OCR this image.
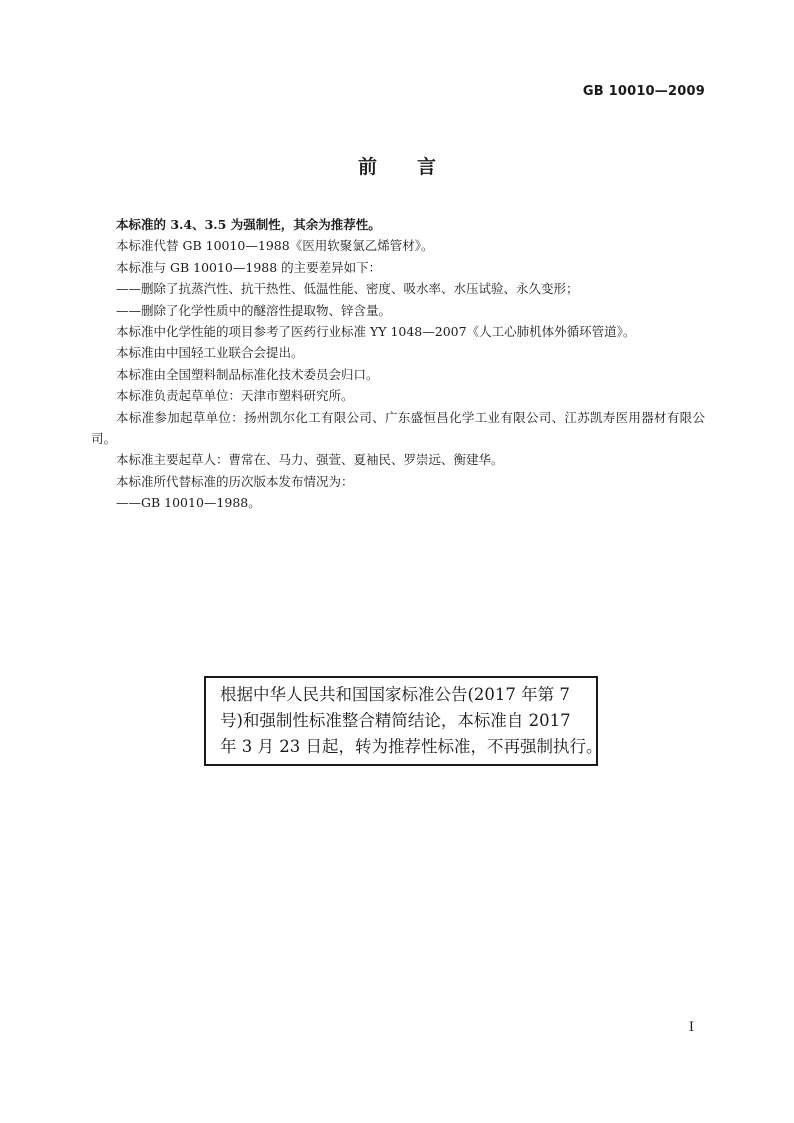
GB 10010—2009
前言

本标准的 3.4、3.5 为强制性，其余为推荐性。

本标准代替 GB 10010—1988《医用软聚氯乙烯管材》。

本标准与 GB 10010—1988 的主要差异如下：

——删除了抗蒸汽性、抗干热性、低温性能、密度、吸水率、水压试验、永久变形；

——删除了化学性质中的醚溶性提取物、锌含量。

本标准中化学性能的项目参考了医药行业标准 YY 1048—2007《人工心肺机体外循环管道》。

本标准由中国轻工业联合会提出。

本标准由全国塑料制品标准化技术委员会归口。

本标准负责起草单位：天津市塑料研究所。

本标准参加起草单位：扬州凯尔化工有限公司、广东盛恒昌化学工业有限公司、江苏凯寿医用器材有限公司。

本标准主要起草人：曹常在、马力、强萱、夏袖民、罗崇远、衡建华。

本标准所代替标准的历次版本发布情况为：

——GB 10010—1988。

根据中华人民共和国国家标准公告(2017 年第 7
号)和强制性标准整合精简结论，本标准自 2017
年 3 月 23 日起，转为推荐性标准，不再强制执行。
I
